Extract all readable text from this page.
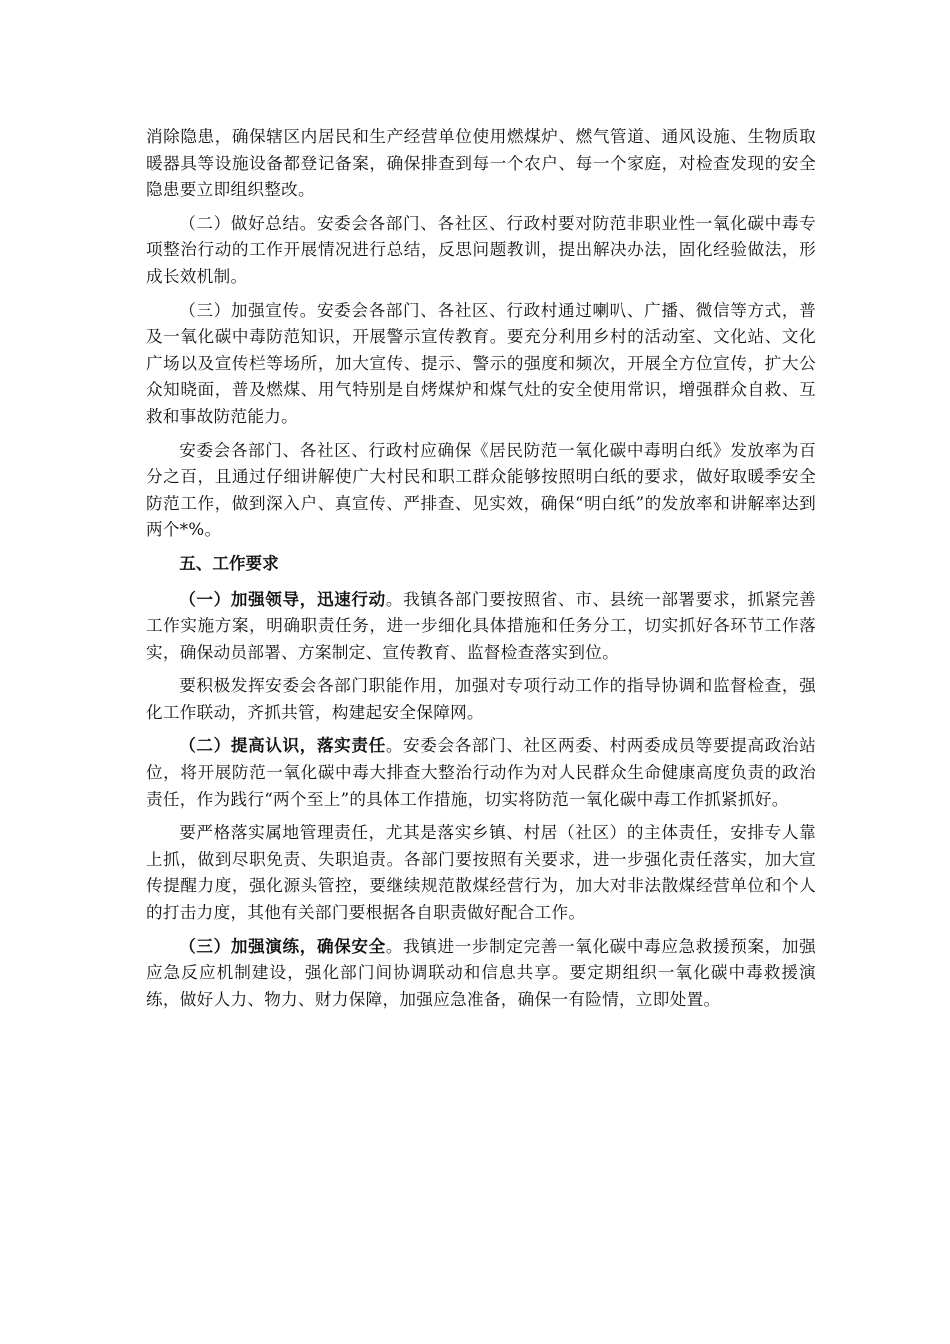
消除隐患，确保辖区内居民和生产经营单位使用燃煤炉、燃气管道、通风设施、生物质取暖器具等设施设备都登记备案，确保排查到每一个农户、每一个家庭，对检查发现的安全隐患要立即组织整改。

（二）做好总结。安委会各部门、各社区、行政村要对防范非职业性一氧化碳中毒专项整治行动的工作开展情况进行总结，反思问题教训，提出解决办法，固化经验做法，形成长效机制。

（三）加强宣传。安委会各部门、各社区、行政村通过喇叭、广播、微信等方式，普及一氧化碳中毒防范知识，开展警示宣传教育。要充分利用乡村的活动室、文化站、文化广场以及宣传栏等场所，加大宣传、提示、警示的强度和频次，开展全方位宣传，扩大公众知晓面，普及燃煤、用气特别是自烤煤炉和煤气灶的安全使用常识，增强群众自救、互救和事故防范能力。

安委会各部门、各社区、行政村应确保《居民防范一氧化碳中毒明白纸》发放率为百分之百，且通过仔细讲解使广大村民和职工群众能够按照明白纸的要求，做好取暖季安全防范工作，做到深入户、真宣传、严排查、见实效，确保“明白纸”的发放率和讲解率达到两个*%。

五、工作要求

（一）加强领导，迅速行动。我镇各部门要按照省、市、县统一部署要求，抓紧完善工作实施方案，明确职责任务，进一步细化具体措施和任务分工，切实抓好各环节工作落实，确保动员部署、方案制定、宣传教育、监督检查落实到位。

要积极发挥安委会各部门职能作用，加强对专项行动工作的指导协调和监督检查，强化工作联动，齐抓共管，构建起安全保障网。

（二）提高认识，落实责任。安委会各部门、社区两委、村两委成员等要提高政治站位，将开展防范一氧化碳中毒大排查大整治行动作为对人民群众生命健康高度负责的政治责任，作为践行“两个至上”的具体工作措施，切实将防范一氧化碳中毒工作抓紧抓好。

要严格落实属地管理责任，尤其是落实乡镇、村居（社区）的主体责任，安排专人靠上抓，做到尽职免责、失职追责。各部门要按照有关要求，进一步强化责任落实，加大宣传提醒力度，强化源头管控，要继续规范散煤经营行为，加大对非法散煤经营单位和个人的打击力度，其他有关部门要根据各自职责做好配合工作。

（三）加强演练，确保安全。我镇进一步制定完善一氧化碳中毒应急救援预案，加强应急反应机制建设，强化部门间协调联动和信息共享。要定期组织一氧化碳中毒救援演练，做好人力、物力、财力保障，加强应急准备，确保一有险情，立即处置。
